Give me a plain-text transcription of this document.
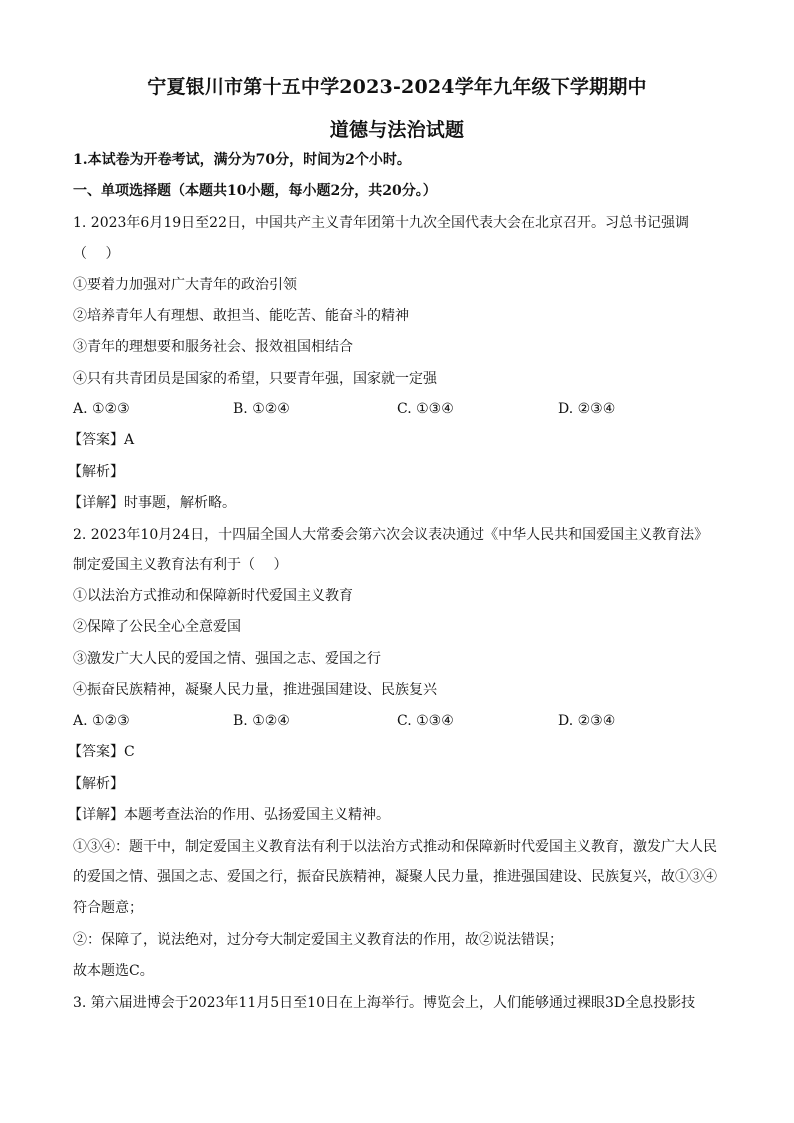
宁夏银川市第十五中学2023-2024学年九年级下学期期中
道德与法治试题
1.本试卷为开卷考试，满分为70分，时间为2个小时。
一、单项选择题（本题共10小题，每小题2分，共20分。）
1. 2023年6月19日至22日，中国共产主义青年团第十九次全国代表大会在北京召开。习总书记强调
（　 ）
①要着力加强对广大青年的政治引领
②培养青年人有理想、敢担当、能吃苦、能奋斗的精神
③青年的理想要和服务社会、报效祖国相结合
④只有共青团员是国家的希望，只要青年强，国家就一定强
A. ①②③	B. ①②④	C. ①③④	D. ②③④
【答案】A
【解析】
【详解】时事题，解析略。
2. 2023年10月24日，十四届全国人大常委会第六次会议表决通过《中华人民共和国爱国主义教育法》
制定爱国主义教育法有利于（　 ）
①以法治方式推动和保障新时代爱国主义教育
②保障了公民全心全意爱国
③激发广大人民的爱国之情、强国之志、爱国之行
④振奋民族精神，凝聚人民力量，推进强国建设、民族复兴
A. ①②③	B. ①②④	C. ①③④	D. ②③④
【答案】C
【解析】
【详解】本题考查法治的作用、弘扬爱国主义精神。
①③④：题干中，制定爱国主义教育法有利于以法治方式推动和保障新时代爱国主义教育，激发广大人民
的爱国之情、强国之志、爱国之行，振奋民族精神，凝聚人民力量，推进强国建设、民族复兴，故①③④
符合题意；
②：保障了，说法绝对，过分夸大制定爱国主义教育法的作用，故②说法错误；
故本题选C。
3. 第六届进博会于2023年11月5日至10日在上海举行。博览会上，人们能够通过裸眼3D全息投影技
